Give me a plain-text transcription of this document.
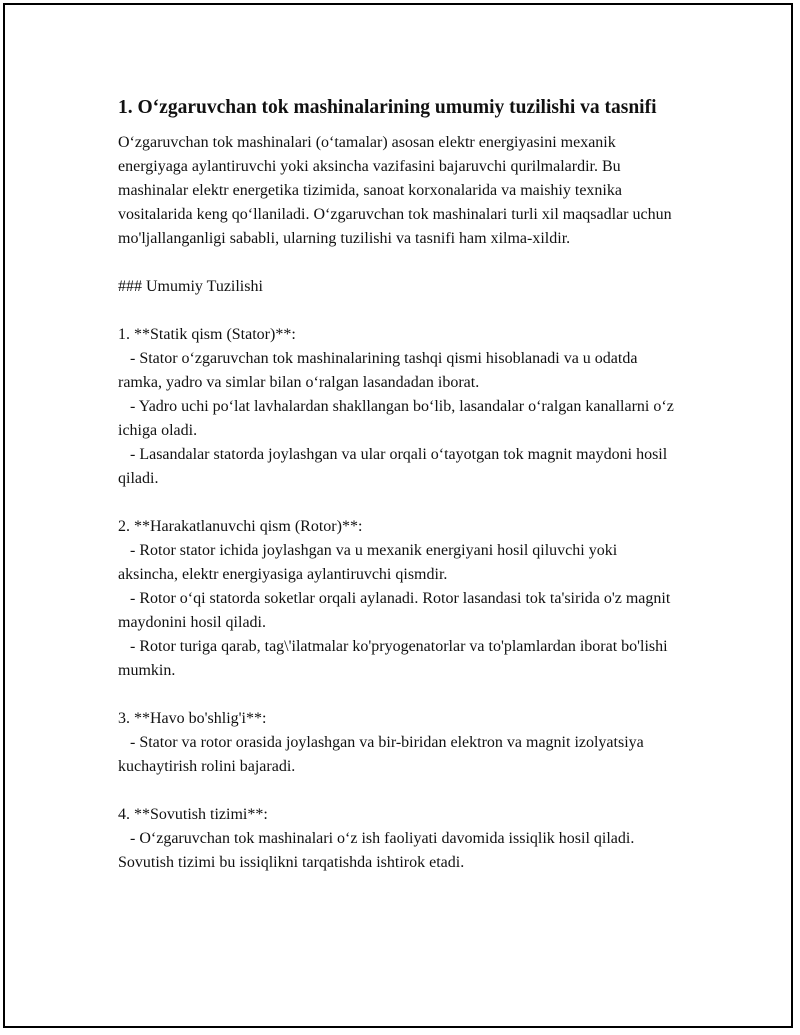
1. O‘zgaruvchan tok mashinalarining umumiy tuzilishi va tasnifi

O‘zgaruvchan tok mashinalari (o‘tamalar) asosan elektr energiyasini mexanik energiyaga aylantiruvchi yoki aksincha vazifasini bajaruvchi qurilmalardir. Bu mashinalar elektr energetika tizimida, sanoat korxonalarida va maishiy texnika vositalarida keng qo‘llaniladi. O‘zgaruvchan tok mashinalari turli xil maqsadlar uchun mo'ljallanganligi sababli, ularning tuzilishi va tasnifi ham xilma-xildir.

### Umumiy Tuzilishi
1. **Statik qism (Stator)**:
- Stator o‘zgaruvchan tok mashinalarining tashqi qismi hisoblanadi va u odatda ramka, yadro va simlar bilan o‘ralgan lasandadan iborat.
- Yadro uchi po‘lat lavhalardan shakllangan bo‘lib, lasandalar o‘ralgan kanallarni o‘z ichiga oladi.
- Lasandalar statorda joylashgan va ular orqali o‘tayotgan tok magnit maydoni hosil qiladi.
2. **Harakatlanuvchi qism (Rotor)**:
- Rotor stator ichida joylashgan va u mexanik energiyani hosil qiluvchi yoki aksincha, elektr energiyasiga aylantiruvchi qismdir.
- Rotor o‘qi statorda soketlar orqali aylanadi. Rotor lasandasi tok ta'sirida o'z magnit maydonini hosil qiladi.
- Rotor turiga qarab, tag\'ilatmalar ko'pryogenatorlar va to'plamlardan iborat bo'lishi mumkin.
3. **Havo bo'shlig'i**:
- Stator va rotor orasida joylashgan va bir-biridan elektron va magnit izolyatsiya kuchaytirish rolini bajaradi.
4. **Sovutish tizimi**:
- O‘zgaruvchan tok mashinalari o‘z ish faoliyati davomida issiqlik hosil qiladi. Sovutish tizimi bu issiqlikni tarqatishda ishtirok etadi.
